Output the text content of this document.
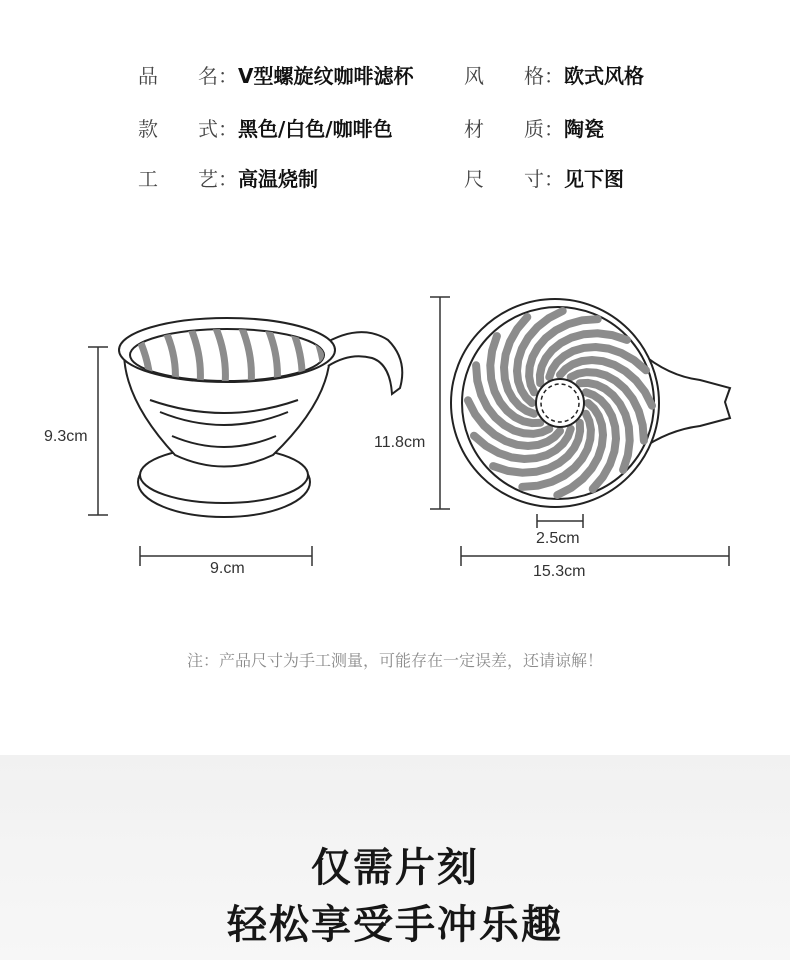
品　　名：V型螺旋纹咖啡滤杯	风　　格：欧式风格
款　　式：黑色/白色/咖啡色	材　　质：陶瓷
工　　艺：高温烧制	尺　　寸：见下图
9.3cm
9.cm
11.8cm
2.5cm
15.3cm
注：产品尺寸为手工测量，可能存在一定误差，还请谅解！
仅需片刻
轻松享受手冲乐趣
